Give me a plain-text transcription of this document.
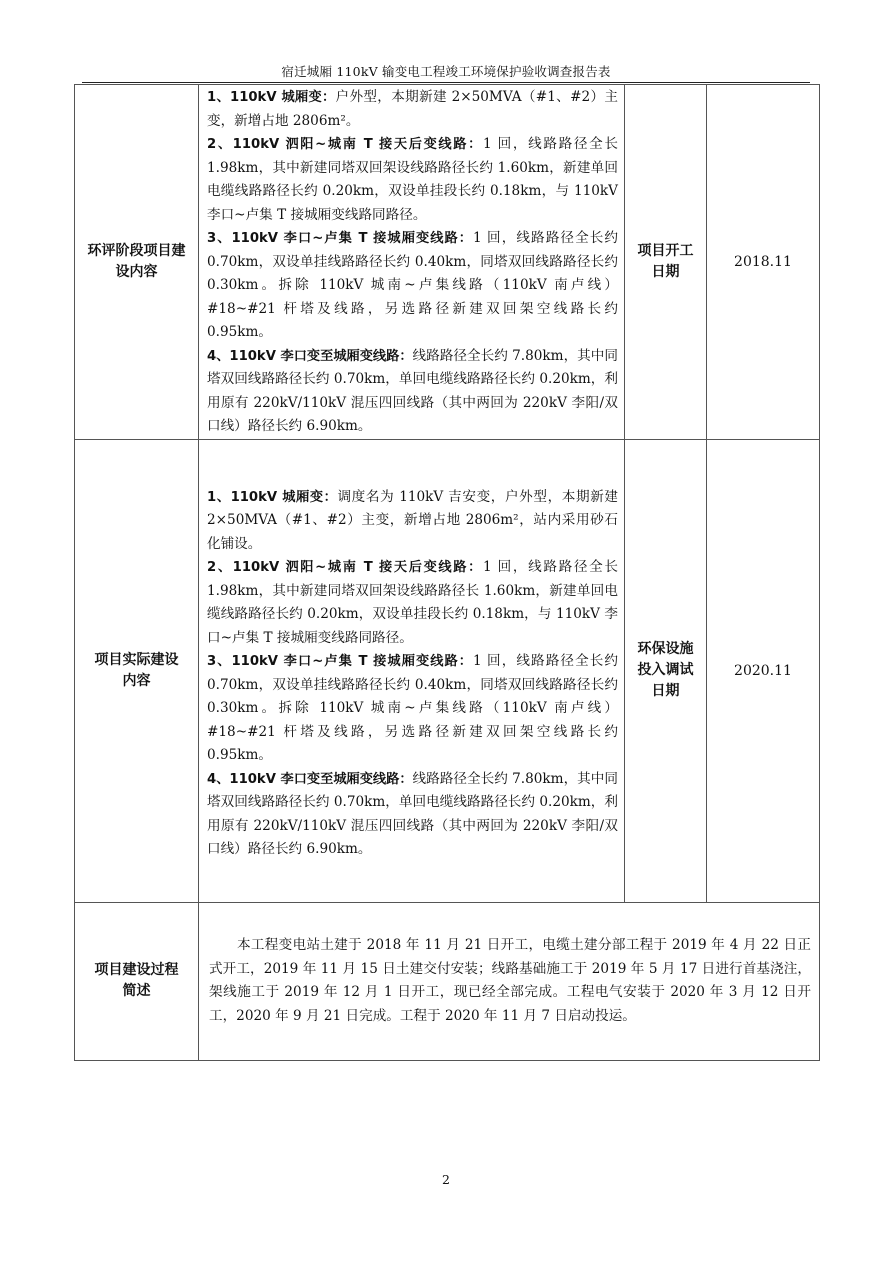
宿迁城厢 110kV 输变电工程竣工环境保护验收调查报告表
环评阶段项目建设内容	1、110kV 城厢变：户外型，本期新建 2×50MVA（#1、#2）主变，新增占地 2806m²。

2、110kV 泗阳~城南 T 接天后变线路：1 回，线路路径全长 1.98km，其中新建同塔双回架设线路路径长约 1.60km，新建单回电缆线路路径长约 0.20km，双设单挂段长约 0.18km，与 110kV 李口~卢集 T 接城厢变线路同路径。

3、110kV 李口~卢集 T 接城厢变线路：1 回，线路路径全长约 0.70km，双设单挂线路路径长约 0.40km，同塔双回线路路径长约 0.30km。拆除 110kV 城南~卢集线路（110kV 南卢线）#18~#21 杆塔及线路，另选路径新建双回架空线路长约 0.95km。

4、110kV 李口变至城厢变线路：线路路径全长约 7.80km，其中同塔双回线路路径长约 0.70km，单回电缆线路路径长约 0.20km，利用原有 220kV/110kV 混压四回线路（其中两回为 220kV 李阳/双口线）路径长约 6.90km。	项目开工日期	2018.11
项目实际建设内容	1、110kV 城厢变：调度名为 110kV 吉安变，户外型，本期新建 2×50MVA（#1、#2）主变，新增占地 2806m²，站内采用砂石化铺设。

2、110kV 泗阳~城南 T 接天后变线路：1 回，线路路径全长 1.98km，其中新建同塔双回架设线路路径长 1.60km，新建单回电缆线路路径长约 0.20km，双设单挂段长约 0.18km，与 110kV 李口~卢集 T 接城厢变线路同路径。

3、110kV 李口~卢集 T 接城厢变线路：1 回，线路路径全长约 0.70km，双设单挂线路路径长约 0.40km，同塔双回线路路径长约 0.30km。拆除 110kV 城南~卢集线路（110kV 南卢线）#18~#21 杆塔及线路，另选路径新建双回架空线路长约 0.95km。

4、110kV 李口变至城厢变线路：线路路径全长约 7.80km，其中同塔双回线路路径长约 0.70km，单回电缆线路路径长约 0.20km，利用原有 220kV/110kV 混压四回线路（其中两回为 220kV 李阳/双口线）路径长约 6.90km。	环保设施投入调试日期	2020.11
项目建设过程简述	本工程变电站土建于 2018 年 11 月 21 日开工，电缆土建分部工程于 2019 年 4 月 22 日正式开工，2019 年 11 月 15 日土建交付安装；线路基础施工于 2019 年 5 月 17 日进行首基浇注，架线施工于 2019 年 12 月 1 日开工，现已经全部完成。工程电气安装于 2020 年 3 月 12 日开工，2020 年 9 月 21 日完成。工程于 2020 年 11 月 7 日启动投运。		
2
